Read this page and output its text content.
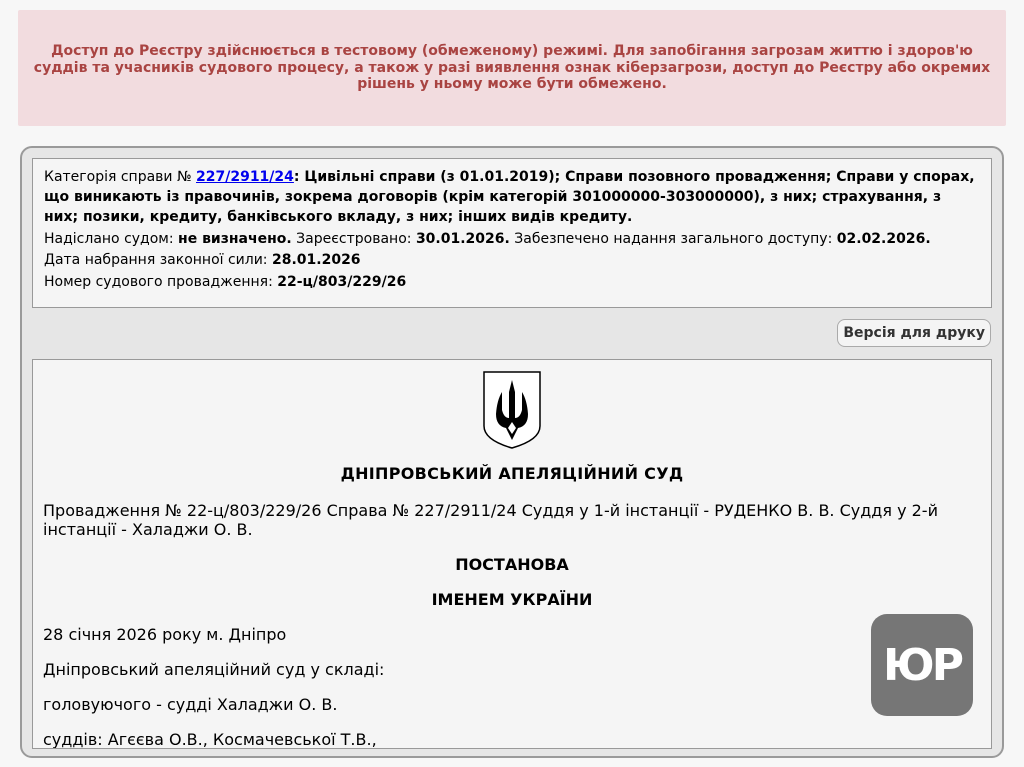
Доступ до Реєстру здійснюється в тестовому (обмеженому) режимі. Для запобігання загрозам життю і здоров'ю суддів та учасників судового процесу, а також у разі виявлення ознак кіберзагрози, доступ до Реєстру або окремих рішень у ньому може бути обмежено.

Категорія справи № 227/2911/24: Цивільні справи (з 01.01.2019); Справи позовного провадження; Справи у спорах, що виникають із правочинів, зокрема договорів (крім категорій 301000000-303000000), з них; страхування, з них; позики, кредиту, банківського вкладу, з них; інших видів кредиту.
Надіслано судом: не визначено. Зареєстровано: 30.01.2026. Забезпечено надання загального доступу: 02.02.2026.
Дата набрання законної сили: 28.01.2026
Номер судового провадження: 22-ц/803/229/26
Версія для друку
ДНІПРОВСЬКИЙ АПЕЛЯЦІЙНИЙ СУД

Провадження № 22-ц/803/229/26 Справа № 227/2911/24 Суддя у 1-й інстанції - РУДЕНКО В. В. Суддя у 2-й інстанції - Халаджи О. В.

ПОСТАНОВА

ІМЕНЕМ УКРАЇНИ

28 січня 2026 року м. Дніпро

Дніпровський апеляційний суд у складі:

головуючого - судді Халаджи О. В.

суддів: Агєєва О.В., Космачевської Т.В.,

ЮР
